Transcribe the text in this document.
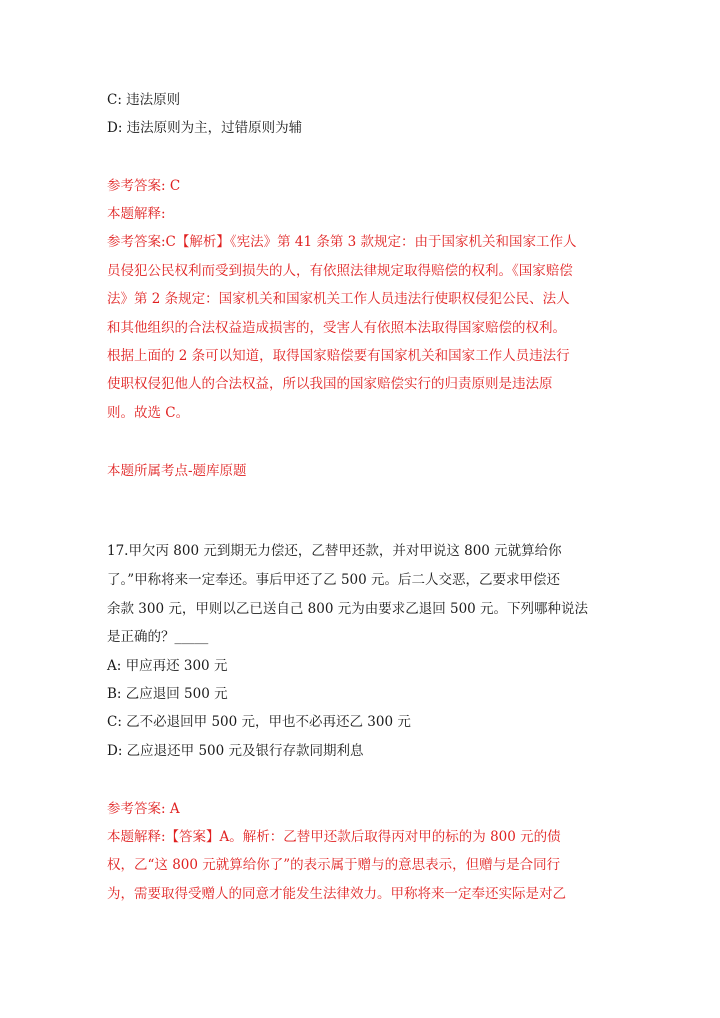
C: 违法原则
D: 违法原则为主，过错原则为辅
参考答案: C
本题解释:
参考答案:C【解析】《宪法》第 41 条第 3 款规定：由于国家机关和国家工作人
员侵犯公民权利而受到损失的人，有依照法律规定取得赔偿的权利。《国家赔偿
法》第 2 条规定：国家机关和国家机关工作人员违法行使职权侵犯公民、法人
和其他组织的合法权益造成损害的，受害人有依照本法取得国家赔偿的权利。
根据上面的 2 条可以知道，取得国家赔偿要有国家机关和国家工作人员违法行
使职权侵犯他人的合法权益，所以我国的国家赔偿实行的归责原则是违法原
则。故选 C。
本题所属考点-题库原题
17.甲欠丙 800 元到期无力偿还，乙替甲还款，并对甲说这 800 元就算给你
了。”甲称将来一定奉还。事后甲还了乙 500 元。后二人交恶，乙要求甲偿还
余款 300 元，甲则以乙已送自己 800 元为由要求乙退回 500 元。下列哪种说法
是正确的？_____
A: 甲应再还 300 元
B: 乙应退回 500 元
C: 乙不必退回甲 500 元，甲也不必再还乙 300 元
D: 乙应退还甲 500 元及银行存款同期利息
参考答案: A
本题解释:【答案】A。解析：乙替甲还款后取得丙对甲的标的为 800 元的债
权，乙“这 800 元就算给你了”的表示属于赠与的意思表示，但赠与是合同行
为，需要取得受赠人的同意才能发生法律效力。甲称将来一定奉还实际是对乙
